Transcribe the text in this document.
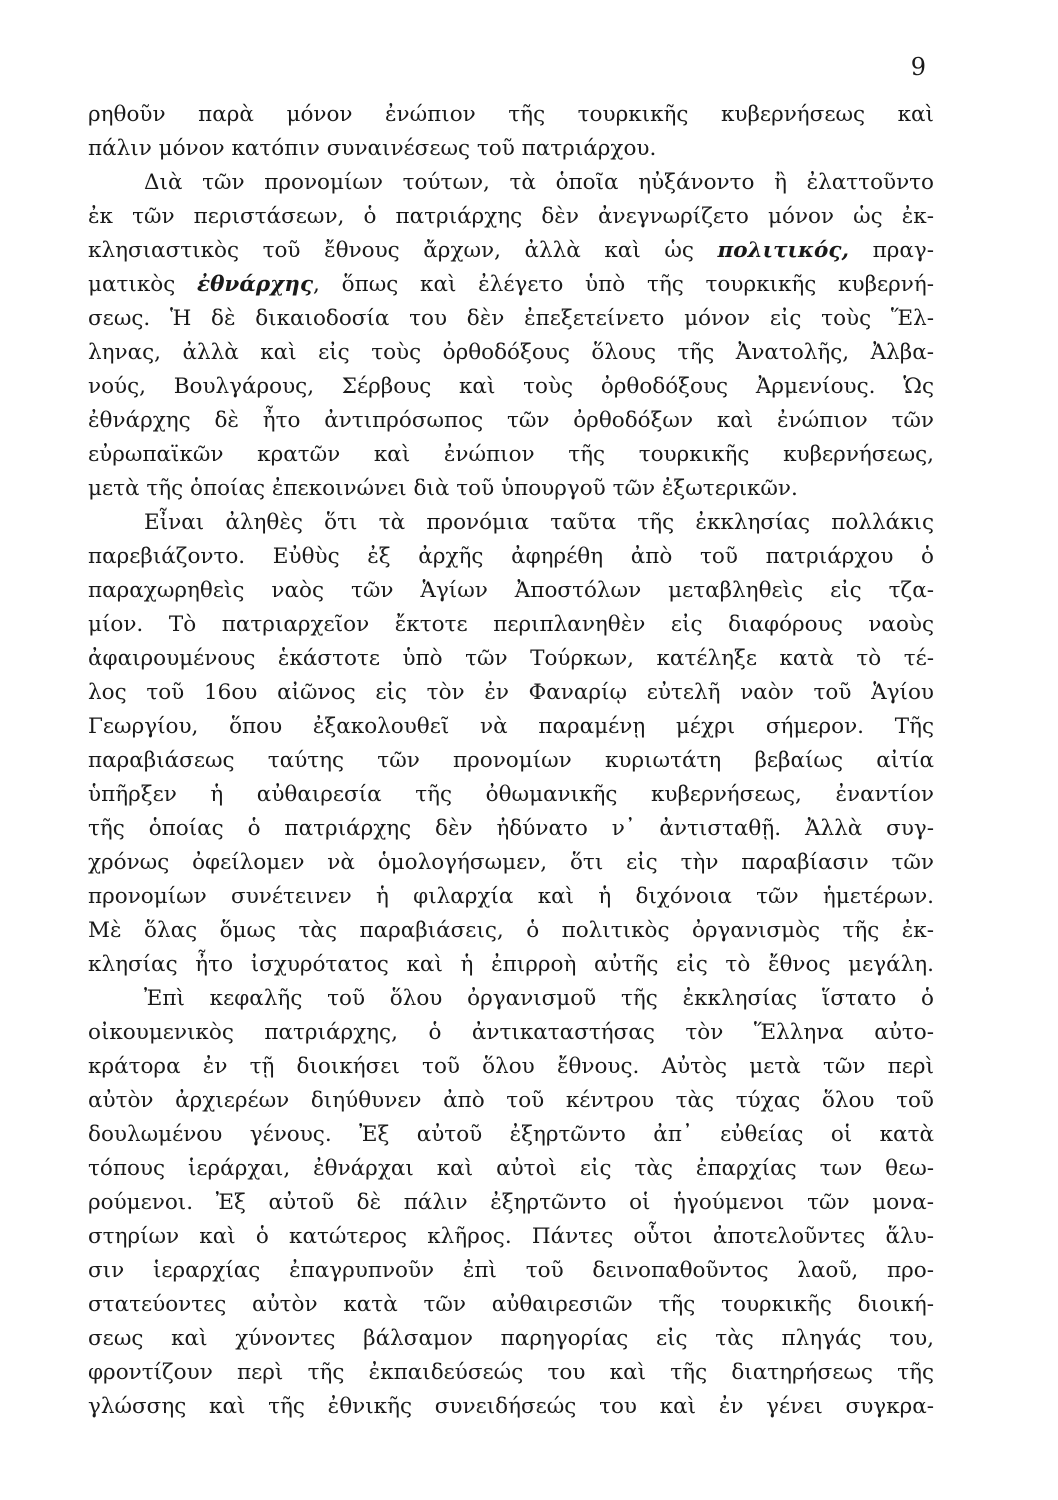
9
ρηθοῦν παρὰ μόνον ἐνώπιον τῆς τουρκικῆς κυβερνήσεως καὶ
πάλιν μόνον κατόπιν συναινέσεως τοῦ πατριάρχου.
Διὰ τῶν προνομίων τούτων, τὰ ὁποῖα ηὐξάνοντο ἢ ἐλαττοῦντο
ἐκ τῶν περιστάσεων, ὁ πατριάρχης δὲν ἀνεγνωρίζετο μόνον ὡς ἐκ-
κλησιαστικὸς τοῦ ἔθνους ἄρχων, ἀλλὰ καὶ ὡς πολιτικός, πραγ-
ματικὸς ἐθνάρχης, ὅπως καὶ ἐλέγετο ὑπὸ τῆς τουρκικῆς κυβερνή-
σεως. Ἡ δὲ δικαιοδοσία του δὲν ἐπεξετείνετο μόνον εἰς τοὺς Ἕλ-
ληνας, ἀλλὰ καὶ εἰς τοὺς ὀρθοδόξους ὅλους τῆς Ἀνατολῆς, Ἀλβα-
νούς, Βουλγάρους, Σέρβους καὶ τοὺς ὀρθοδόξους Ἀρμενίους. Ὡς
ἐθνάρχης δὲ ἦτο ἀντιπρόσωπος τῶν ὀρθοδόξων καὶ ἐνώπιον τῶν
εὐρωπαϊκῶν κρατῶν καὶ ἐνώπιον τῆς τουρκικῆς κυβερνήσεως,
μετὰ τῆς ὁποίας ἐπεκοινώνει διὰ τοῦ ὑπουργοῦ τῶν ἐξωτερικῶν.
Εἶναι ἀληθὲς ὅτι τὰ προνόμια ταῦτα τῆς ἐκκλησίας πολλάκις
παρεβιάζοντο. Εὐθὺς ἐξ ἀρχῆς ἀφηρέθη ἀπὸ τοῦ πατριάρχου ὁ
παραχωρηθεὶς ναὸς τῶν Ἁγίων Ἀποστόλων μεταβληθεὶς εἰς τζα-
μίον. Τὸ πατριαρχεῖον ἔκτοτε περιπλανηθὲν εἰς διαφόρους ναοὺς
ἀφαιρουμένους ἑκάστοτε ὑπὸ τῶν Τούρκων, κατέληξε κατὰ τὸ τέ-
λος τοῦ 16ου αἰῶνος εἰς τὸν ἐν Φαναρίῳ εὐτελῆ ναὸν τοῦ Ἁγίου
Γεωργίου, ὅπου ἐξακολουθεῖ νὰ παραμένῃ μέχρι σήμερον. Τῆς
παραβιάσεως ταύτης τῶν προνομίων κυριωτάτη βεβαίως αἰτία
ὑπῆρξεν ἡ αὐθαιρεσία τῆς ὀθωμανικῆς κυβερνήσεως, ἐναντίον
τῆς ὁποίας ὁ πατριάρχης δὲν ἠδύνατο ν᾽ ἀντισταθῇ. Ἀλλὰ συγ-
χρόνως ὀφείλομεν νὰ ὁμολογήσωμεν, ὅτι εἰς τὴν παραβίασιν τῶν
προνομίων συνέτεινεν ἡ φιλαρχία καὶ ἡ διχόνοια τῶν ἡμετέρων.
Μὲ ὅλας ὅμως τὰς παραβιάσεις, ὁ πολιτικὸς ὀργανισμὸς τῆς ἐκ-
κλησίας ἦτο ἰσχυρότατος καὶ ἡ ἐπιρροὴ αὐτῆς εἰς τὸ ἔθνος μεγάλη.
Ἐπὶ κεφαλῆς τοῦ ὅλου ὀργανισμοῦ τῆς ἐκκλησίας ἵστατο ὁ
οἰκουμενικὸς πατριάρχης, ὁ ἀντικαταστήσας τὸν Ἕλληνα αὐτο-
κράτορα ἐν τῇ διοικήσει τοῦ ὅλου ἔθνους. Αὐτὸς μετὰ τῶν περὶ
αὐτὸν ἀρχιερέων διηύθυνεν ἀπὸ τοῦ κέντρου τὰς τύχας ὅλου τοῦ
δουλωμένου γένους. Ἐξ αὐτοῦ ἐξηρτῶντο ἀπ᾽ εὐθείας οἱ κατὰ
τόπους ἱεράρχαι, ἐθνάρχαι καὶ αὐτοὶ εἰς τὰς ἐπαρχίας των θεω-
ρούμενοι. Ἐξ αὐτοῦ δὲ πάλιν ἐξηρτῶντο οἱ ἡγούμενοι τῶν μονα-
στηρίων καὶ ὁ κατώτερος κλῆρος. Πάντες οὗτοι ἀποτελοῦντες ἅλυ-
σιν ἱεραρχίας ἐπαγρυπνοῦν ἐπὶ τοῦ δεινοπαθοῦντος λαοῦ, προ-
στατεύοντες αὐτὸν κατὰ τῶν αὐθαιρεσιῶν τῆς τουρκικῆς διοική-
σεως καὶ χύνοντες βάλσαμον παρηγορίας εἰς τὰς πληγάς του,
φροντίζουν περὶ τῆς ἐκπαιδεύσεώς του καὶ τῆς διατηρήσεως τῆς
γλώσσης καὶ τῆς ἐθνικῆς συνειδήσεώς του καὶ ἐν γένει συγκρα-
